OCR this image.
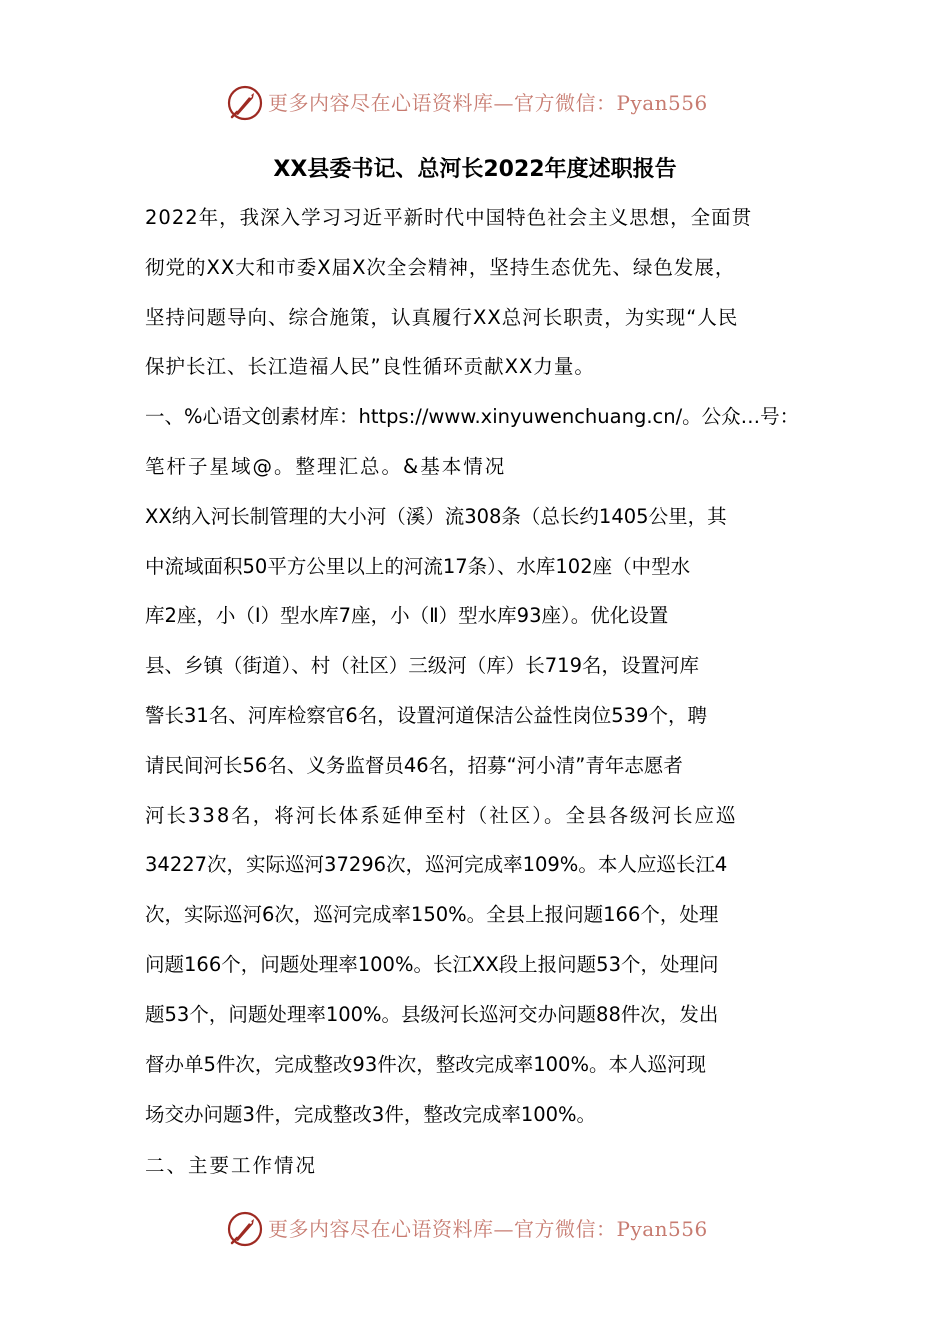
更多内容尽在心语资料库—官方微信：Pyan556
XX县委书记、总河长2022年度述职报告
2022年，我深入学习习近平新时代中国特色社会主义思想，全面贯
彻党的XX大和市委X届X次全会精神，坚持生态优先、绿色发展，
坚持问题导向、综合施策，认真履行XX总河长职责，为实现“人民
保护长江、长江造福人民”良性循环贡献XX力量。
一、%心语文创素材库：https://www.xinyuwenchuang.cn/。公众…号：
笔杆子星域@。整理汇总。&基本情况
XX纳入河长制管理的大小河（溪）流308条（总长约1405公里，其
中流域面积50平方公里以上的河流17条）、水库102座（中型水
库2座，小（Ⅰ）型水库7座，小（Ⅱ）型水库93座）。优化设置
县、乡镇（街道）、村（社区）三级河（库）长719名，设置河库
警长31名、河库检察官6名，设置河道保洁公益性岗位539个，聘
请民间河长56名、义务监督员46名，招募“河小清”青年志愿者
河长338名，将河长体系延伸至村（社区）。全县各级河长应巡
34227次，实际巡河37296次，巡河完成率109%。本人应巡长江4
次，实际巡河6次，巡河完成率150%。全县上报问题166个，处理
问题166个，问题处理率100%。长江XX段上报问题53个，处理问
题53个，问题处理率100%。县级河长巡河交办问题88件次，发出
督办单5件次，完成整改93件次，整改完成率100%。本人巡河现
场交办问题3件，完成整改3件，整改完成率100%。
二、主要工作情况
更多内容尽在心语资料库—官方微信：Pyan556
